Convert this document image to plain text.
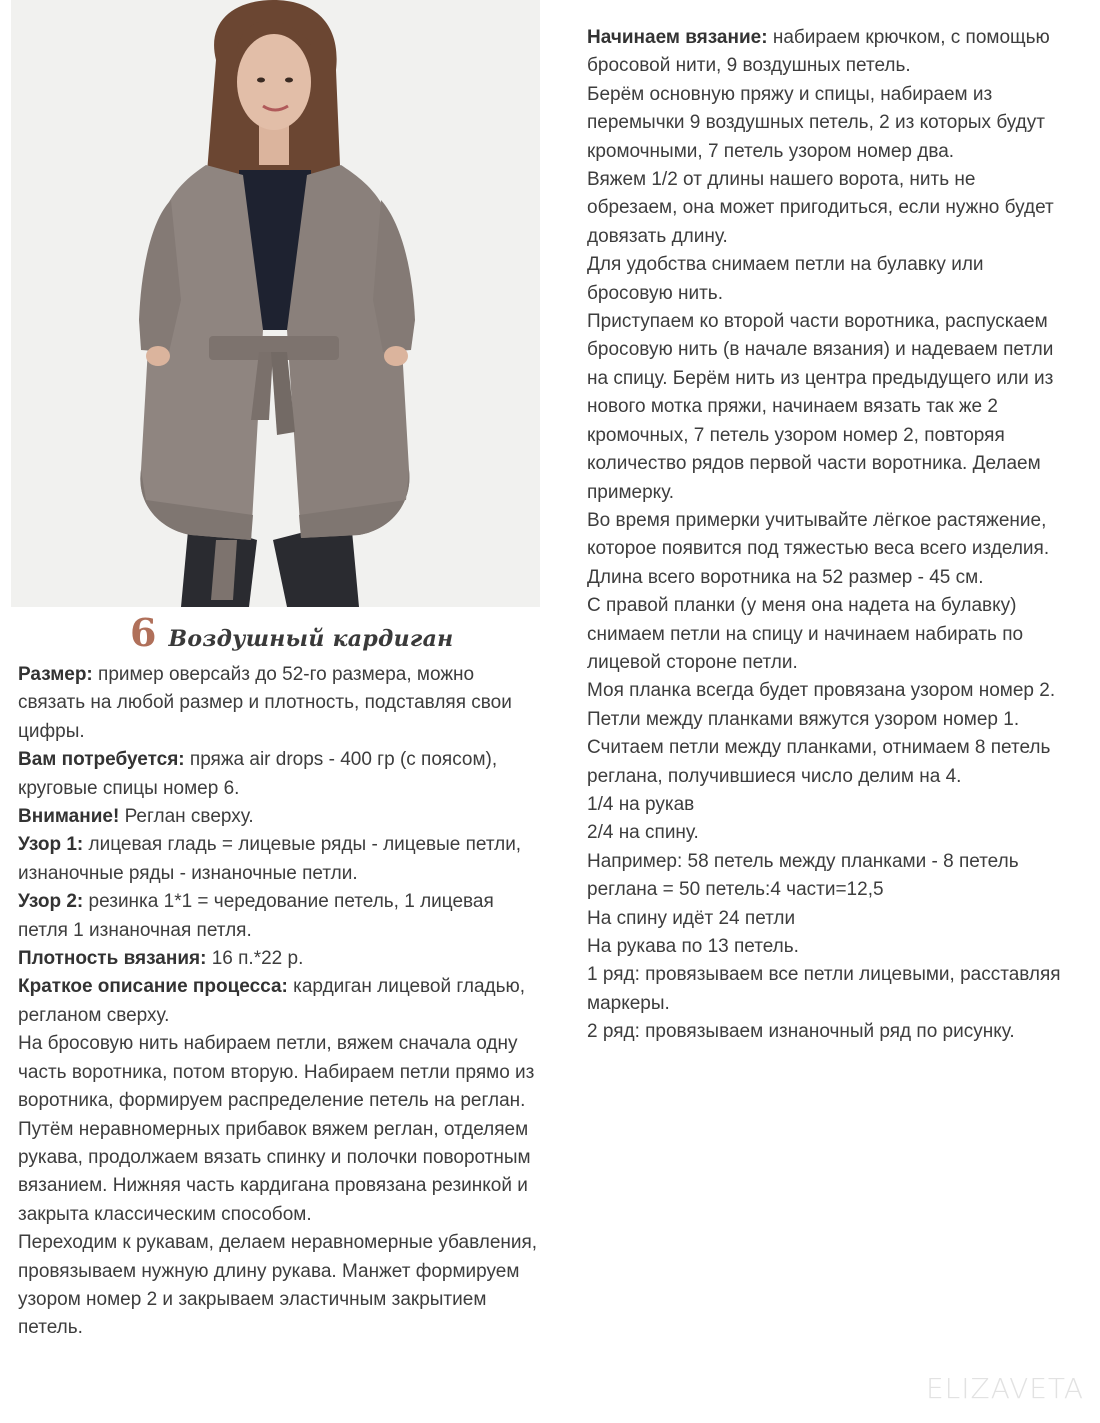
6 Воздушный кардиган

Размер: пример оверсайз до 52-го размера, можно связать на любой размер и плотность, подставляя свои цифры.

Вам потребуется: пряжа air drops - 400 гр (с поясом), круговые спицы номер 6.

Внимание! Реглан сверху.

Узор 1: лицевая гладь = лицевые ряды - лицевые петли, изнаночные ряды - изнаночные петли.

Узор 2: резинка 1*1 = чередование петель, 1 лицевая петля 1 изнаночная петля.

Плотность вязания: 16 п.*22 р.

Краткое описание процесса: кардиган лицевой гладью, регланом сверху.

На бросовую нить набираем петли, вяжем сначала одну часть воротника, потом вторую. Набираем петли прямо из воротника, формируем распределение петель на реглан. Путём неравномерных прибавок вяжем реглан, отделяем рукава, продолжаем вязать спинку и полочки поворотным вязанием. Нижняя часть кардигана провязана резинкой и закрыта классическим способом.

Переходим к рукавам, делаем неравномерные убавления, провязываем нужную длину рукава. Манжет формируем узором номер 2 и закрываем эластичным закрытием петель.

Начинаем вязание: набираем крючком, с помощью бросовой нити, 9 воздушных петель.

Берём основную пряжу и спицы, набираем из перемычки 9 воздушных петель, 2 из которых будут кромочными, 7 петель узором номер два.

Вяжем 1/2 от длины нашего ворота, нить не обрезаем, она может пригодиться, если нужно будет довязать длину.

Для удобства снимаем петли на булавку или бросовую нить.

Приступаем ко второй части воротника, распускаем бросовую нить (в начале вязания) и надеваем петли на спицу. Берём нить из центра предыдущего или из нового мотка пряжи, начинаем вязать так же 2 кромочных, 7 петель узором номер 2, повторяя количество рядов первой части воротника. Делаем примерку.

Во время примерки учитывайте лёгкое растяжение, которое появится под тяжестью веса всего изделия.

Длина всего воротника на 52 размер - 45 см.

С правой планки (у меня она надета на булавку) снимаем петли на спицу и начинаем набирать по лицевой стороне петли.

Моя планка всегда будет провязана узором номер 2.

Петли между планками вяжутся узором номер 1.

Считаем петли между планками, отнимаем 8 петель реглана, получившиеся число делим на 4.

1/4 на рукав

2/4 на спину.

Например: 58 петель между планками - 8 петель реглана = 50 петель:4 части=12,5

На спину идёт 24 петли

На рукава по 13 петель.

1 ряд: провязываем все петли лицевыми, расставляя маркеры.

2 ряд: провязываем изнаночный ряд по рисунку.

ELIZAVETA
